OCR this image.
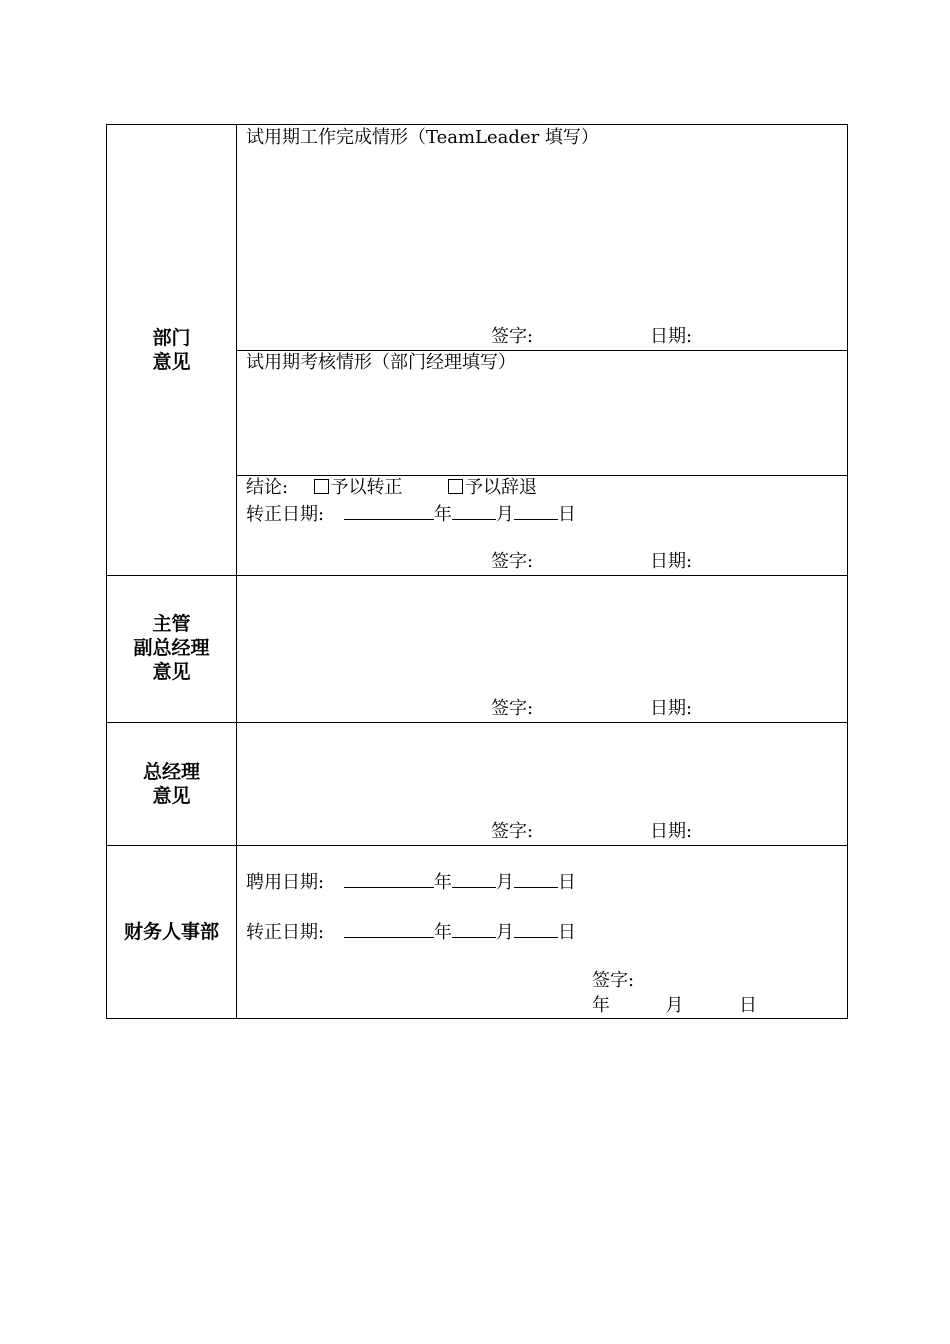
部门
意见
试用期工作完成情形（TeamLeader 填写）
签字:	日期:
试用期考核情形（部门经理填写）
结论: 予以转正	予以辞退
转正日期:	年 月 日
签字:	日期:
主管
副总经理
意见
签字:	日期:
总经理
意见
签字:	日期:
财务人事部
聘用日期:	年 月 日
转正日期:	年 月 日
签字:
年	月	日
